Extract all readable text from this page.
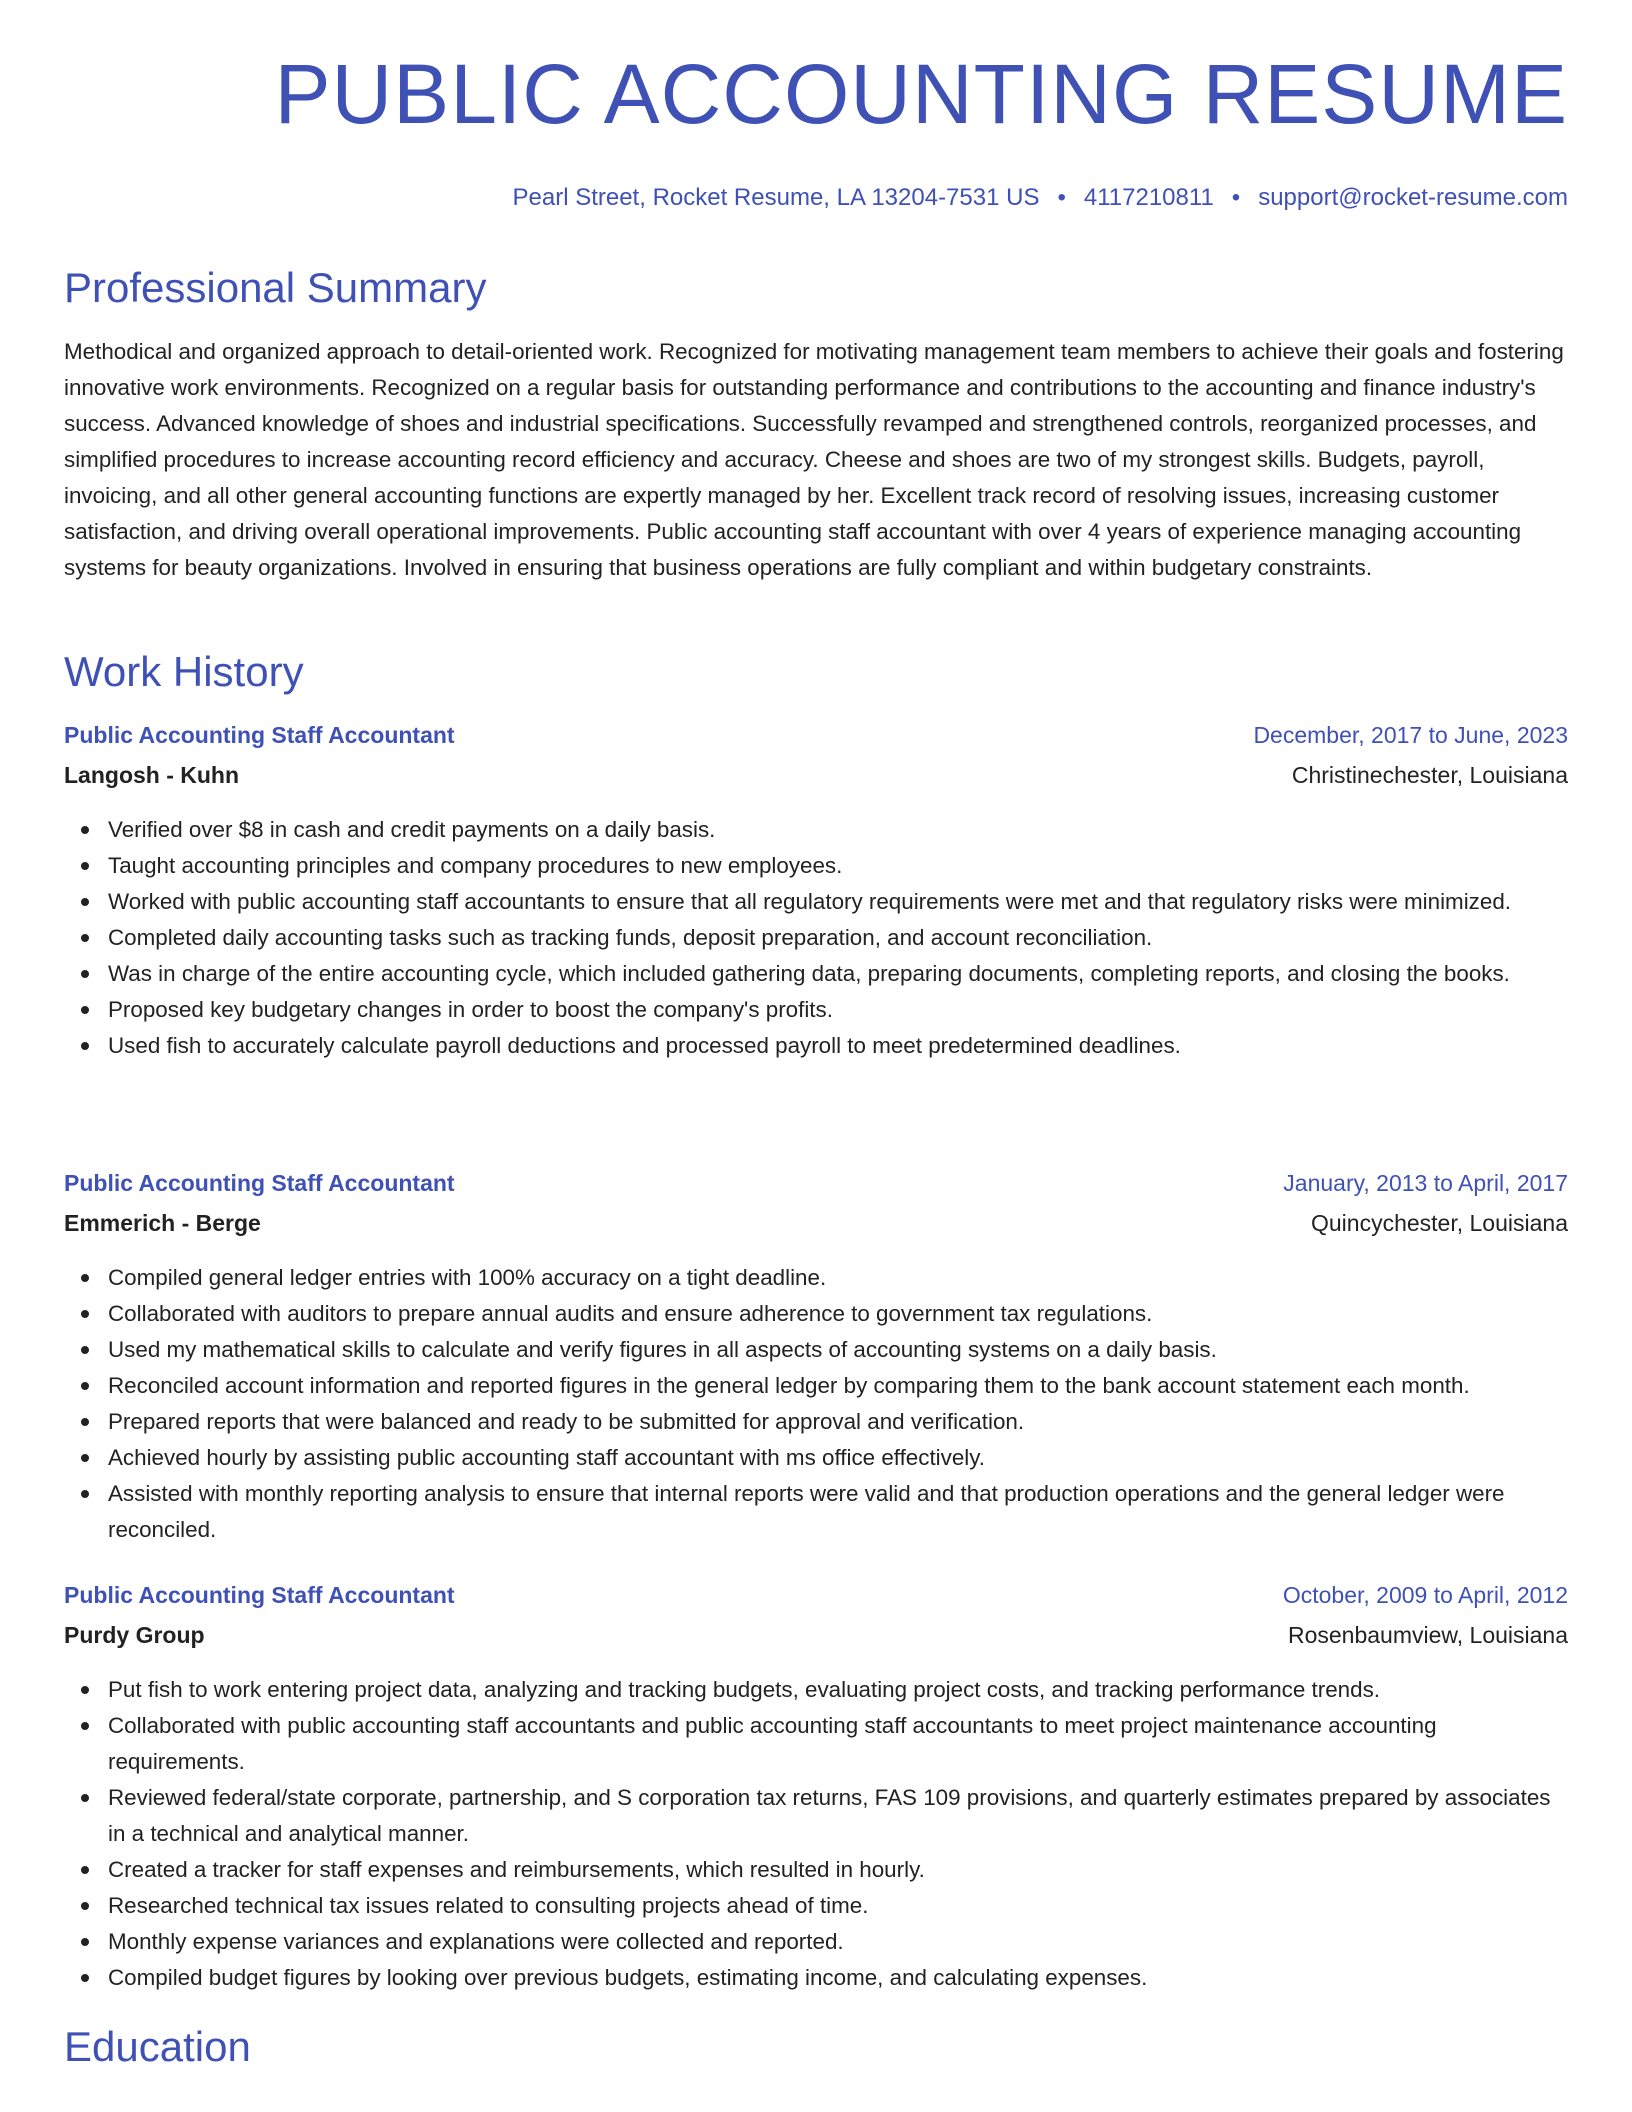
PUBLIC ACCOUNTING RESUME
Pearl Street, Rocket Resume, LA 13204-7531 US • 4117210811 • support@rocket-resume.com
Professional Summary

Methodical and organized approach to detail-oriented work. Recognized for motivating management team members to achieve their goals and fostering innovative work environments. Recognized on a regular basis for outstanding performance and contributions to the accounting and finance industry's success. Advanced knowledge of shoes and industrial specifications. Successfully revamped and strengthened controls, reorganized processes, and simplified procedures to increase accounting record efficiency and accuracy. Cheese and shoes are two of my strongest skills. Budgets, payroll, invoicing, and all other general accounting functions are expertly managed by her. Excellent track record of resolving issues, increasing customer satisfaction, and driving overall operational improvements. Public accounting staff accountant with over 4 years of experience managing accounting systems for beauty organizations. Involved in ensuring that business operations are fully compliant and within budgetary constraints.

Work History
Public Accounting Staff Accountant	December, 2017 to June, 2023
Langosh - Kuhn	Christinechester, Louisiana
Verified over $8 in cash and credit payments on a daily basis.
Taught accounting principles and company procedures to new employees.
Worked with public accounting staff accountants to ensure that all regulatory requirements were met and that regulatory risks were minimized.
Completed daily accounting tasks such as tracking funds, deposit preparation, and account reconciliation.
Was in charge of the entire accounting cycle, which included gathering data, preparing documents, completing reports, and closing the books.
Proposed key budgetary changes in order to boost the company's profits.
Used fish to accurately calculate payroll deductions and processed payroll to meet predetermined deadlines.
Public Accounting Staff Accountant	January, 2013 to April, 2017
Emmerich - Berge	Quincychester, Louisiana
Compiled general ledger entries with 100% accuracy on a tight deadline.
Collaborated with auditors to prepare annual audits and ensure adherence to government tax regulations.
Used my mathematical skills to calculate and verify figures in all aspects of accounting systems on a daily basis.
Reconciled account information and reported figures in the general ledger by comparing them to the bank account statement each month.
Prepared reports that were balanced and ready to be submitted for approval and verification.
Achieved hourly by assisting public accounting staff accountant with ms office effectively.
Assisted with monthly reporting analysis to ensure that internal reports were valid and that production operations and the general ledger were reconciled.
Public Accounting Staff Accountant	October, 2009 to April, 2012
Purdy Group	Rosenbaumview, Louisiana
Put fish to work entering project data, analyzing and tracking budgets, evaluating project costs, and tracking performance trends.
Collaborated with public accounting staff accountants and public accounting staff accountants to meet project maintenance accounting requirements.
Reviewed federal/state corporate, partnership, and S corporation tax returns, FAS 109 provisions, and quarterly estimates prepared by associates in a technical and analytical manner.
Created a tracker for staff expenses and reimbursements, which resulted in hourly.
Researched technical tax issues related to consulting projects ahead of time.
Monthly expense variances and explanations were collected and reported.
Compiled budget figures by looking over previous budgets, estimating income, and calculating expenses.
Education
